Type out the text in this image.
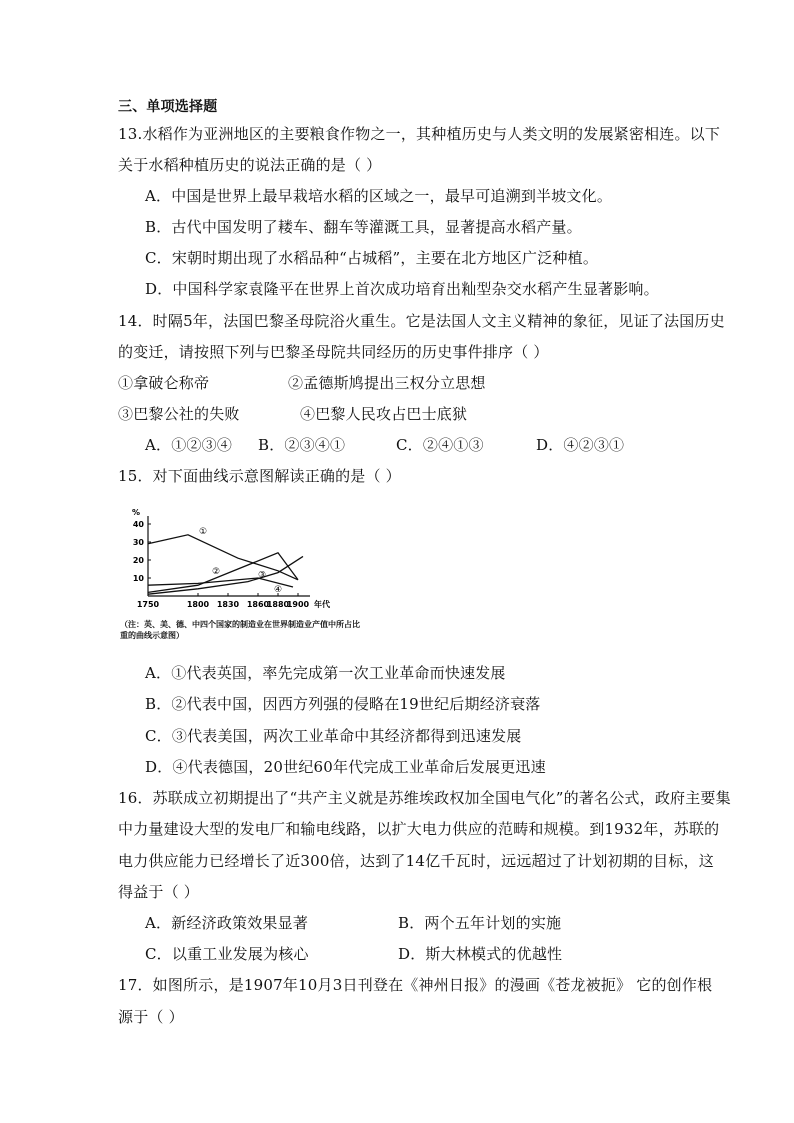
三、单项选择题
13.水稻作为亚洲地区的主要粮食作物之一，其种植历史与人类文明的发展紧密相连。以下
关于水稻种植历史的说法正确的是（ ）
A．中国是世界上最早栽培水稻的区域之一，最早可追溯到半坡文化。
B．古代中国发明了耧车、翻车等灌溉工具，显著提高水稻产量。
C．宋朝时期出现了水稻品种“占城稻”，主要在北方地区广泛种植。
D．中国科学家袁隆平在世界上首次成功培育出籼型杂交水稻产生显著影响。
14．时隔5年，法国巴黎圣母院浴火重生。它是法国人文主义精神的象征，见证了法国历史
的变迁，请按照下列与巴黎圣母院共同经历的历史事件排序（ ）
①拿破仑称帝	②孟德斯鸠提出三权分立思想
③巴黎公社的失败	④巴黎人民攻占巴士底狱
A．①②③④ B．②③④①	C．②④①③	D．④②③①
15．对下面曲线示意图解读正确的是（ ）
%
10
20
30
40
1750	1800 1830 1860
1880
1900 年代
①
②	③
④
（注：英、美、德、中四个国家的制造业在世界制造业产值中所占比重的曲线示意图）
A．①代表英国，率先完成第一次工业革命而快速发展
B．②代表中国，因西方列强的侵略在19世纪后期经济衰落
C．③代表美国，两次工业革命中其经济都得到迅速发展
D．④代表德国，20世纪60年代完成工业革命后发展更迅速
16．苏联成立初期提出了“共产主义就是苏维埃政权加全国电气化”的著名公式，政府主要集
中力量建设大型的发电厂和输电线路，以扩大电力供应的范畴和规模。到1932年，苏联的
电力供应能力已经增长了近300倍，达到了14亿千瓦时，远远超过了计划初期的目标，这
得益于（ ）
A．新经济政策效果显著	B．两个五年计划的实施
C．以重工业发展为核心	D．斯大林模式的优越性
17．如图所示，是1907年10月3日刊登在《神州日报》的漫画《苍龙被扼》 它的创作根
源于（ ）
